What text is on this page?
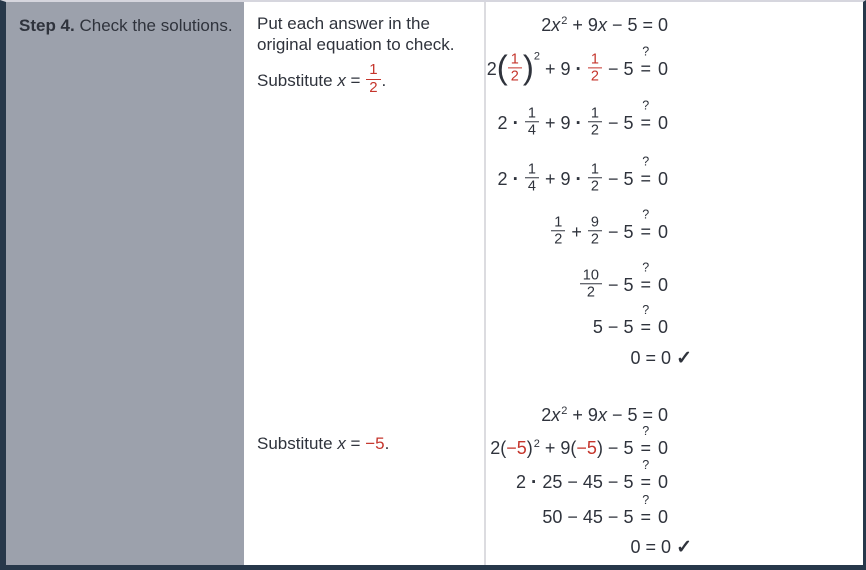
Step 4. Check the solutions.	Put each answer in the original equation to check.

Substitute $x = \frac{1}{2}$ .

Substitute x = −5.

$2x^2 + 9x - 5 = 0$
$2( \frac{1}{2} )^2 + 9 \cdot \frac{1}{2} - 5$
?
= 0
$2 \cdot \frac{1}{4} + 9 \cdot \frac{1}{2} - 5$
?
= 0
$2 \cdot \frac{1}{4} + 9 \cdot \frac{1}{2} - 5$
?
= 0
$\frac{1}{2} + \frac{9}{2} - 5$
?
= 0
$\frac{10}{2} - 5$
?
= 0
5 − 5
?
= 0
0 = 0 ✓
$2x^2 + 9x - 5 = 0$
$2(-5)^2 + 9(-5) - 5$
?
= 0
2 · 25 − 45 − 5
?
= 0
50 − 45 − 5
?
= 0
0 = 0 ✓
